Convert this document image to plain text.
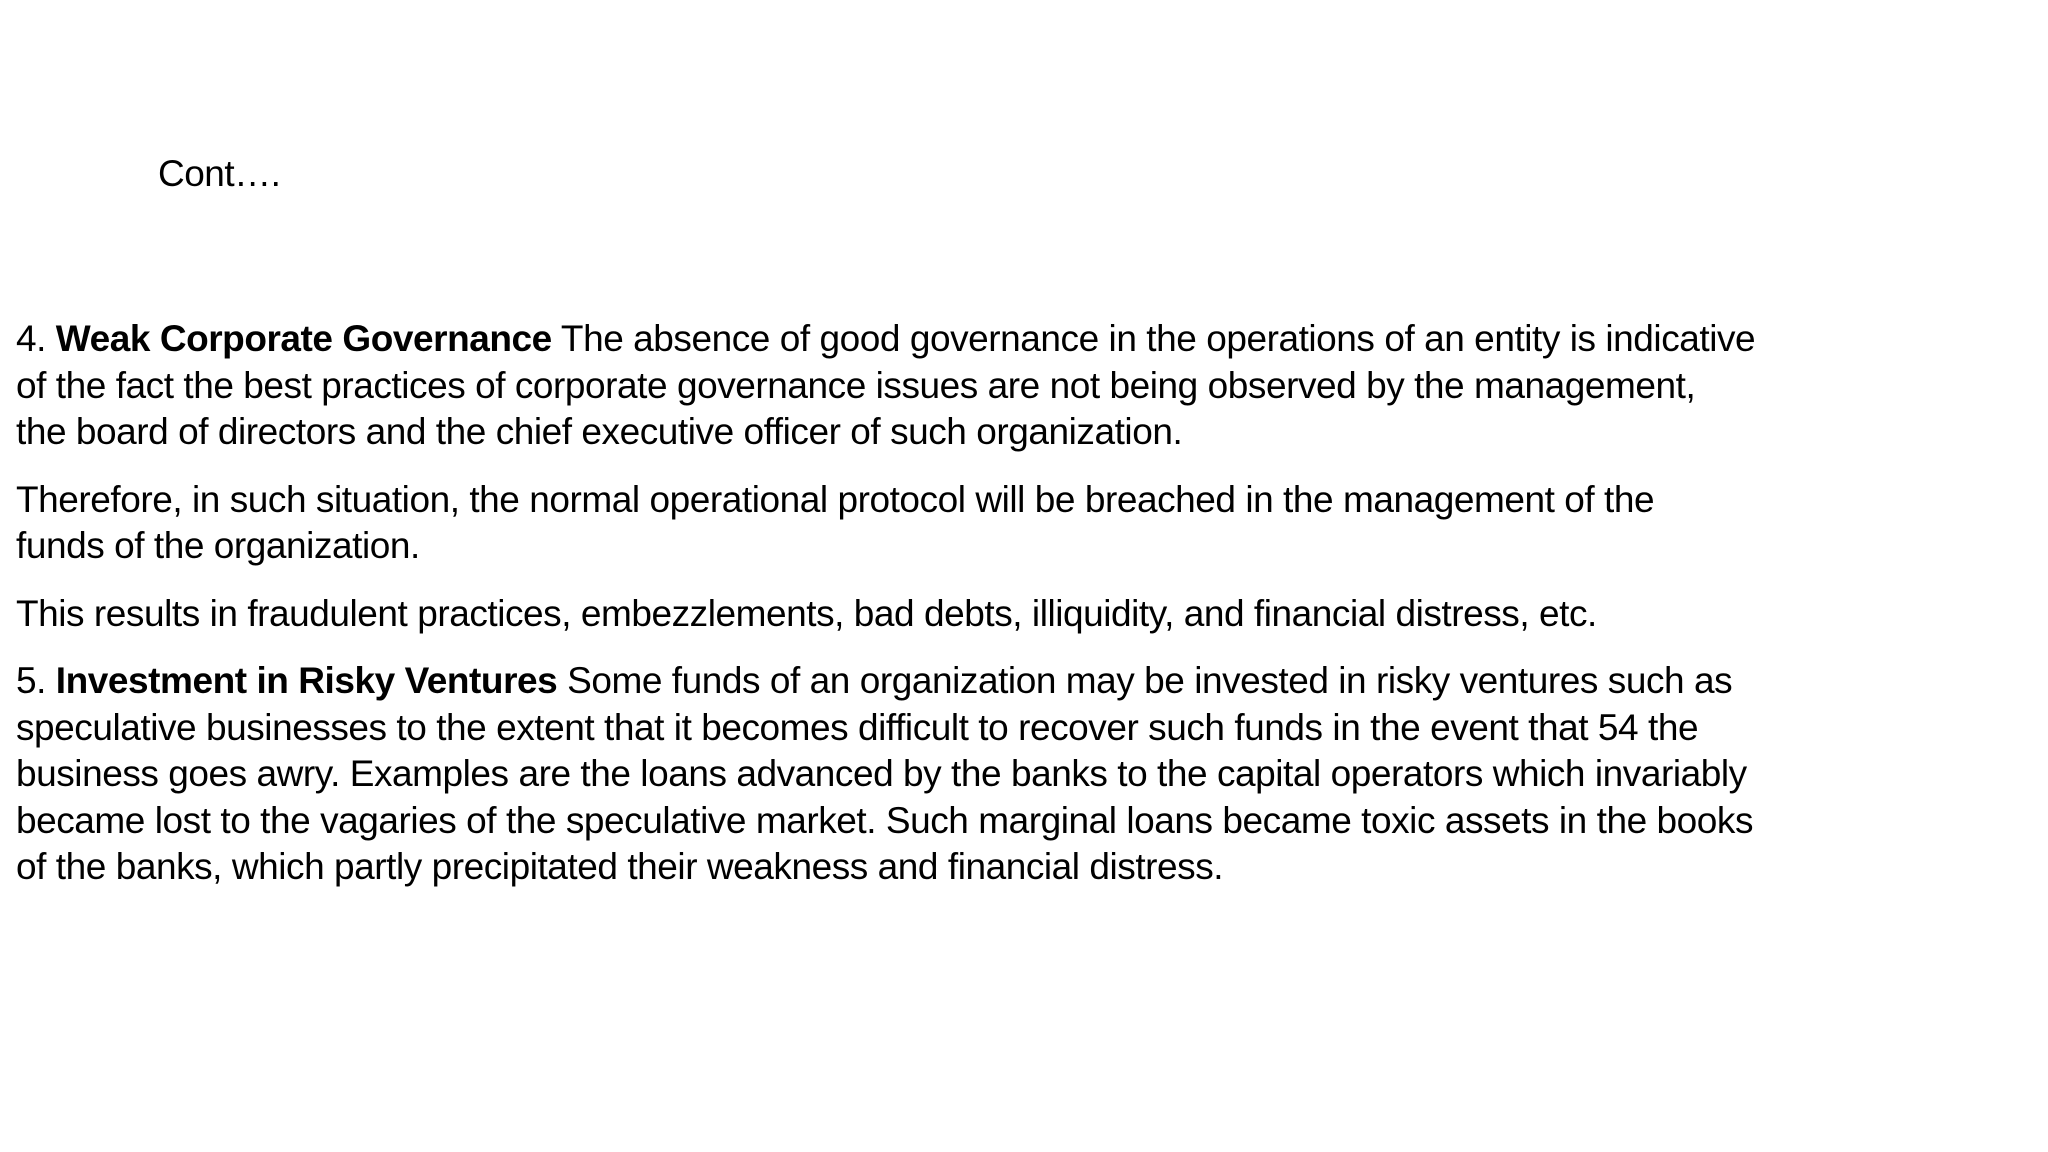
Cont….

4. Weak Corporate Governance The absence of good governance in the operations of an entity is indicative
of the fact the best practices of corporate governance issues are not being observed by the management,
the board of directors and the chief executive officer of such organization.

Therefore, in such situation, the normal operational protocol will be breached in the management of the
funds of the organization.

This results in fraudulent practices, embezzlements, bad debts, illiquidity, and financial distress, etc.

5. Investment in Risky Ventures Some funds of an organization may be invested in risky ventures such as
speculative businesses to the extent that it becomes difficult to recover such funds in the event that 54 the
business goes awry. Examples are the loans advanced by the banks to the capital operators which invariably
became lost to the vagaries of the speculative market. Such marginal loans became toxic assets in the books
of the banks, which partly precipitated their weakness and financial distress.
